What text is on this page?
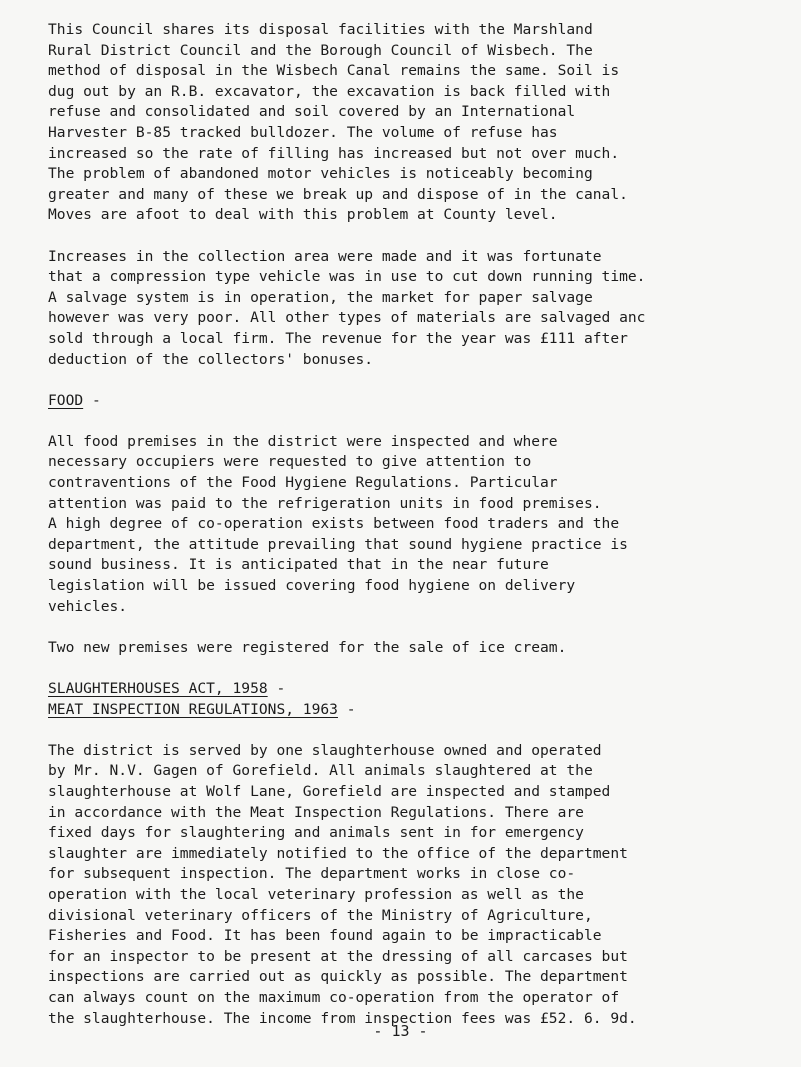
This Council shares its disposal facilities with the Marshland

Rural District Council and the Borough Council of Wisbech. The

method of disposal in the Wisbech Canal remains the same. Soil is

dug out by an R.B. excavator, the excavation is back filled with

refuse and consolidated and soil covered by an International

Harvester B-85 tracked bulldozer. The volume of refuse has

increased so the rate of filling has increased but not over much.

The problem of abandoned motor vehicles is noticeably becoming

greater and many of these we break up and dispose of in the canal.

Moves are afoot to deal with this problem at County level.

Increases in the collection area were made and it was fortunate

that a compression type vehicle was in use to cut down running time.

A salvage system is in operation, the market for paper salvage

however was very poor. All other types of materials are salvaged anc

sold through a local firm. The revenue for the year was £111 after

deduction of the collectors' bonuses.

FOOD -

All food premises in the district were inspected and where

necessary occupiers were requested to give attention to

contraventions of the Food Hygiene Regulations. Particular

attention was paid to the refrigeration units in food premises.

A high degree of co-operation exists between food traders and the

department, the attitude prevailing that sound hygiene practice is

sound business. It is anticipated that in the near future

legislation will be issued covering food hygiene on delivery

vehicles.

Two new premises were registered for the sale of ice cream.

SLAUGHTERHOUSES ACT, 1958 -

MEAT INSPECTION REGULATIONS, 1963 -

The district is served by one slaughterhouse owned and operated

by Mr. N.V. Gagen of Gorefield. All animals slaughtered at the

slaughterhouse at Wolf Lane, Gorefield are inspected and stamped

in accordance with the Meat Inspection Regulations. There are

fixed days for slaughtering and animals sent in for emergency

slaughter are immediately notified to the office of the department

for subsequent inspection. The department works in close co-

operation with the local veterinary profession as well as the

divisional veterinary officers of the Ministry of Agriculture,

Fisheries and Food. It has been found again to be impracticable

for an inspector to be present at the dressing of all carcases but

inspections are carried out as quickly as possible. The department

can always count on the maximum co-operation from the operator of

the slaughterhouse. The income from inspection fees was £52. 6. 9d.

- 13 -
